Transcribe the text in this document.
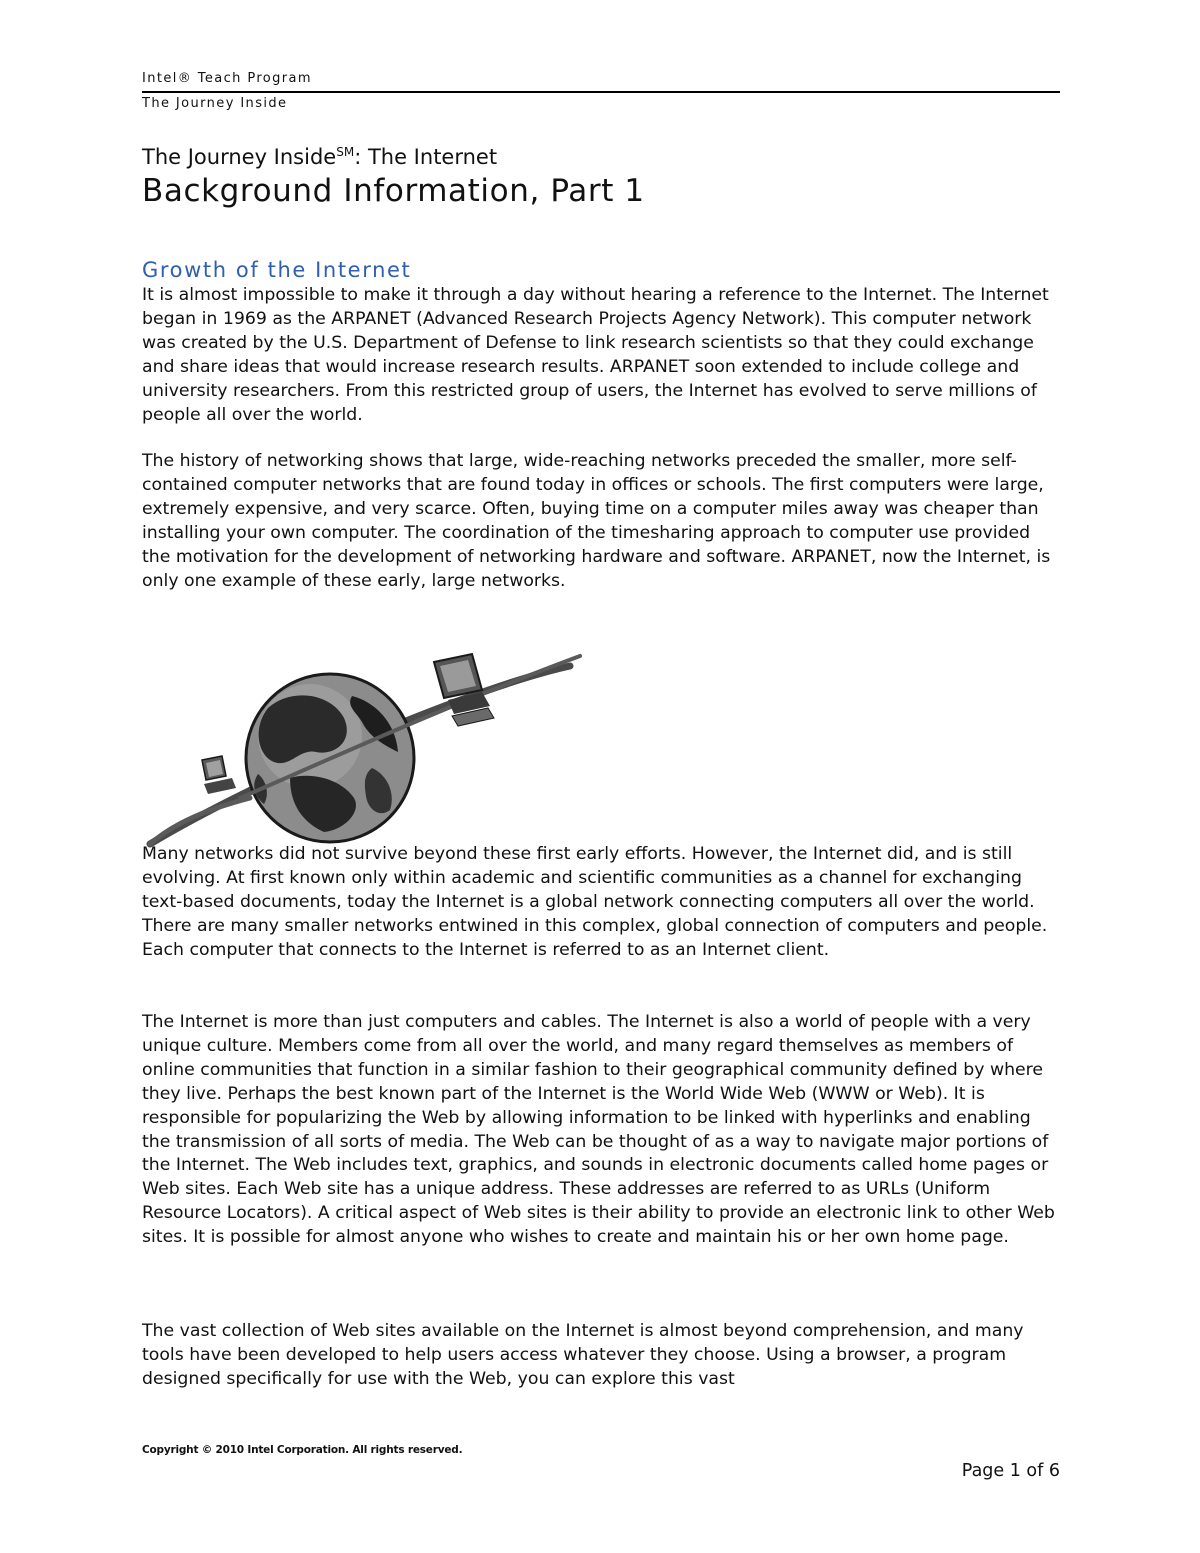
Intel® Teach Program
The Journey Inside
The Journey Inside℠: The Internet
Background Information, Part 1
Growth of the Internet

It is almost impossible to make it through a day without hearing a reference to the Internet. The Internet began in 1969 as the ARPANET (Advanced Research Projects Agency Network). This computer network was created by the U.S. Department of Defense to link research scientists so that they could exchange and share ideas that would increase research results. ARPANET soon extended to include college and university researchers. From this restricted group of users, the Internet has evolved to serve millions of people all over the world.

The history of networking shows that large, wide-reaching networks preceded the smaller, more self-contained computer networks that are found today in offices or schools. The first computers were large, extremely expensive, and very scarce. Often, buying time on a computer miles away was cheaper than installing your own computer. The coordination of the timesharing approach to computer use provided the motivation for the development of networking hardware and software. ARPANET, now the Internet, is only one example of these early, large networks.

Many networks did not survive beyond these first early efforts. However, the Internet did, and is still evolving. At first known only within academic and scientific communities as a channel for exchanging text-based documents, today the Internet is a global network connecting computers all over the world. There are many smaller networks entwined in this complex, global connection of computers and people. Each computer that connects to the Internet is referred to as an Internet client.

The Internet is more than just computers and cables. The Internet is also a world of people with a very unique culture. Members come from all over the world, and many regard themselves as members of online communities that function in a similar fashion to their geographical community defined by where they live. Perhaps the best known part of the Internet is the World Wide Web (WWW or Web). It is responsible for popularizing the Web by allowing information to be linked with hyperlinks and enabling the transmission of all sorts of media. The Web can be thought of as a way to navigate major portions of the Internet. The Web includes text, graphics, and sounds in electronic documents called home pages or Web sites. Each Web site has a unique address. These addresses are referred to as URLs (Uniform Resource Locators). A critical aspect of Web sites is their ability to provide an electronic link to other Web sites. It is possible for almost anyone who wishes to create and maintain his or her own home page.

The vast collection of Web sites available on the Internet is almost beyond comprehension, and many tools have been developed to help users access whatever they choose. Using a browser, a program designed specifically for use with the Web, you can explore this vast

Copyright © 2010 Intel Corporation. All rights reserved.
Page 1 of 6
